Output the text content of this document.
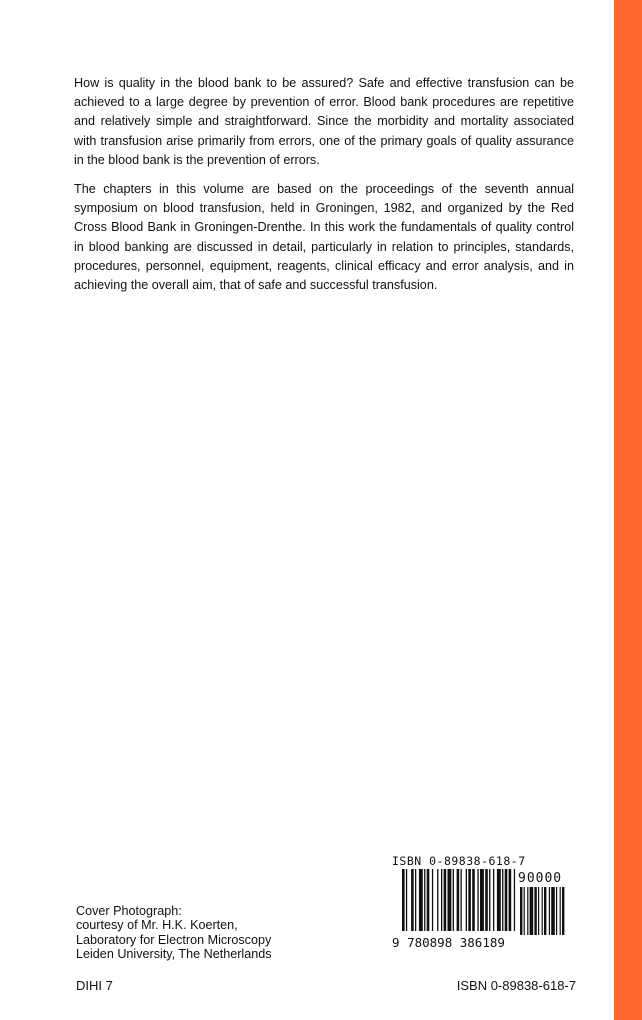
How is quality in the blood bank to be assured? Safe and effective transfusion can be achieved to a large degree by prevention of error. Blood bank procedures are repetitive and relatively simple and straightforward. Since the morbidity and mortality associated with transfusion arise primarily from errors, one of the primary goals of quality assurance in the blood bank is the prevention of errors.

The chapters in this volume are based on the proceedings of the seventh annual symposium on blood transfusion, held in Groningen, 1982, and organized by the Red Cross Blood Bank in Groningen-Drenthe. In this work the fundamentals of quality control in blood banking are discussed in detail, particularly in relation to principles, standards, procedures, personnel, equipment, reagents, clinical efficacy and error analysis, and in achieving the overall aim, that of safe and successful transfusion.

ISBN 0-89838-618-7
90000
9 780898 386189
Cover Photograph:
courtesy of Mr. H.K. Koerten,
Laboratory for Electron Microscopy
Leiden University, The Netherlands
DIHI 7	ISBN 0-89838-618-7
